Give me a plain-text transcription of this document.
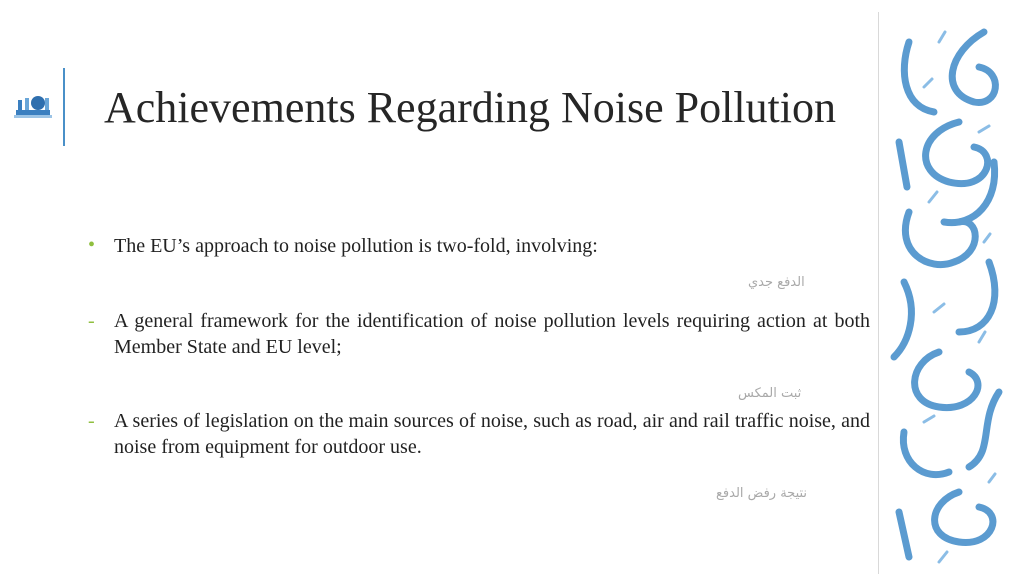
Achievements Regarding Noise Pollution
• The EU’s approach to noise pollution is two-fold, involving:
الدفع جدي
- A general framework for the identification of noise pollution levels requiring action at both Member State and EU level;
ثبت المكس
- A series of legislation on the main sources of noise, such as road, air and rail traffic noise, and noise from equipment for outdoor use.
نتيجة رفض الدفع
